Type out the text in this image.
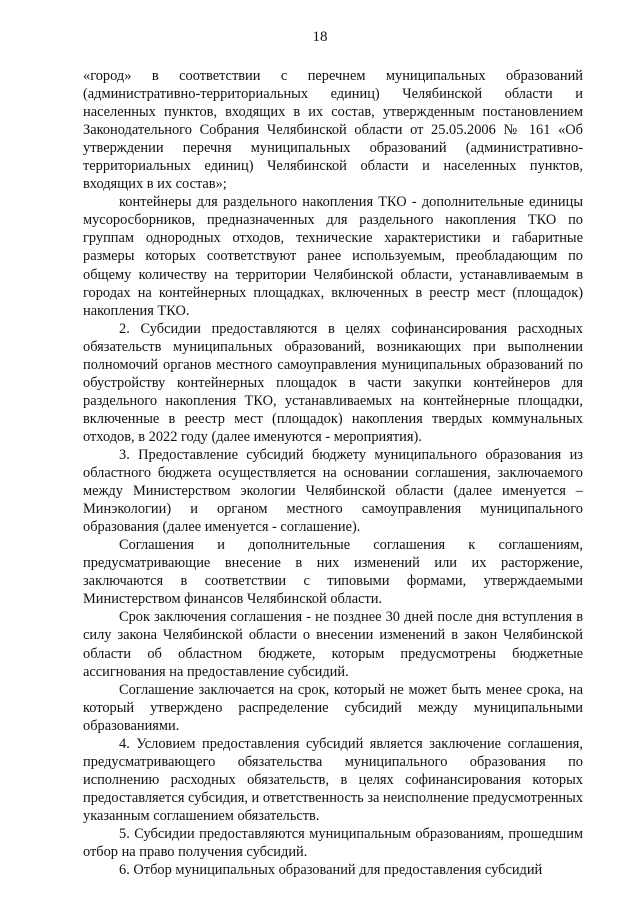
18

«город» в соответствии с перечнем муниципальных образований (административно-территориальных единиц) Челябинской области и населенных пунктов, входящих в их состав, утвержденным постановлением Законодательного Собрания Челябинской области от 25.05.2006 № 161 «Об утверждении перечня муниципальных образований (административно-территориальных единиц) Челябинской области и населенных пунктов, входящих в их состав»;

контейнеры для раздельного накопления ТКО - дополнительные единицы мусоросборников, предназначенных для раздельного накопления ТКО по группам однородных отходов, технические характеристики и габаритные размеры которых соответствуют ранее используемым, преобладающим по общему количеству на территории Челябинской области, устанавливаемым в городах на контейнерных площадках, включенных в реестр мест (площадок) накопления ТКО.

2. Субсидии предоставляются в целях софинансирования расходных обязательств муниципальных образований, возникающих при выполнении полномочий органов местного самоуправления муниципальных образований по обустройству контейнерных площадок в части закупки контейнеров для раздельного накопления ТКО, устанавливаемых на контейнерные площадки, включенные в реестр мест (площадок) накопления твердых коммунальных отходов, в 2022 году (далее именуются - мероприятия).

3. Предоставление субсидий бюджету муниципального образования из областного бюджета осуществляется на основании соглашения, заключаемого между Министерством экологии Челябинской области (далее именуется – Минэкологии) и органом местного самоуправления муниципального образования (далее именуется - соглашение).

Соглашения и дополнительные соглашения к соглашениям, предусматривающие внесение в них изменений или их расторжение, заключаются в соответствии с типовыми формами, утверждаемыми Министерством финансов Челябинской области.

Срок заключения соглашения - не позднее 30 дней после дня вступления в силу закона Челябинской области о внесении изменений в закон Челябинской области об областном бюджете, которым предусмотрены бюджетные ассигнования на предоставление субсидий.

Соглашение заключается на срок, который не может быть менее срока, на который утверждено распределение субсидий между муниципальными образованиями.

4. Условием предоставления субсидий является заключение соглашения, предусматривающего обязательства муниципального образования по исполнению расходных обязательств, в целях софинансирования которых предоставляется субсидия, и ответственность за неисполнение предусмотренных указанным соглашением обязательств.

5. Субсидии предоставляются муниципальным образованиям, прошедшим отбор на право получения субсидий.

6. Отбор муниципальных образований для предоставления субсидий
